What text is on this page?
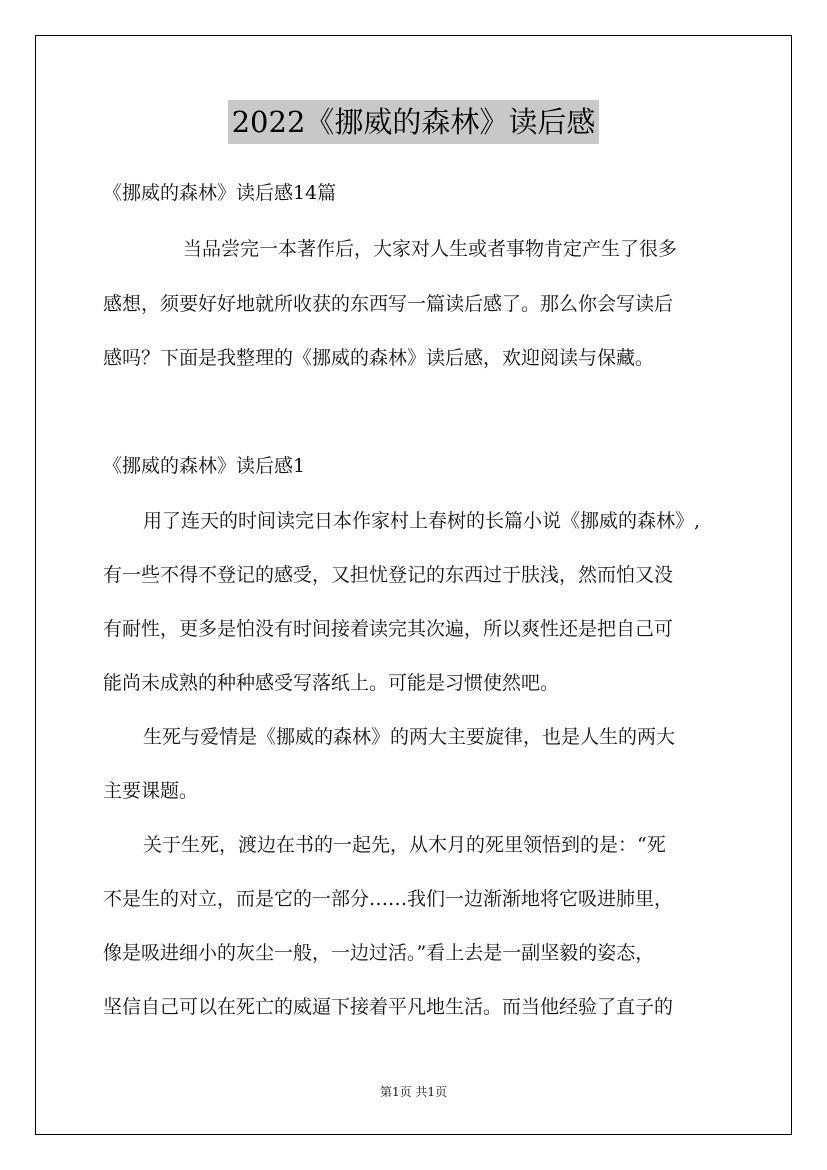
2022《挪威的森林》读后感
《挪威的森林》读后感14篇
当品尝完一本著作后，大家对人生或者事物肯定产生了很多
感想，须要好好地就所收获的东西写一篇读后感了。那么你会写读后
感吗？下面是我整理的《挪威的森林》读后感，欢迎阅读与保藏。
《挪威的森林》读后感1
用了连天的时间读完日本作家村上春树的长篇小说《挪威的森林》,
有一些不得不登记的感受，又担忧登记的东西过于肤浅，然而怕又没
有耐性，更多是怕没有时间接着读完其次遍，所以爽性还是把自己可
能尚未成熟的种种感受写落纸上。可能是习惯使然吧。
生死与爱情是《挪威的森林》的两大主要旋律，也是人生的两大
主要课题。
关于生死，渡边在书的一起先，从木月的死里领悟到的是：“死
不是生的对立，而是它的一部分……我们一边渐渐地将它吸进肺里，
像是吸进细小的灰尘一般，一边过活。”看上去是一副坚毅的姿态，
坚信自己可以在死亡的威逼下接着平凡地生活。而当他经验了直子的
第1页 共1页
